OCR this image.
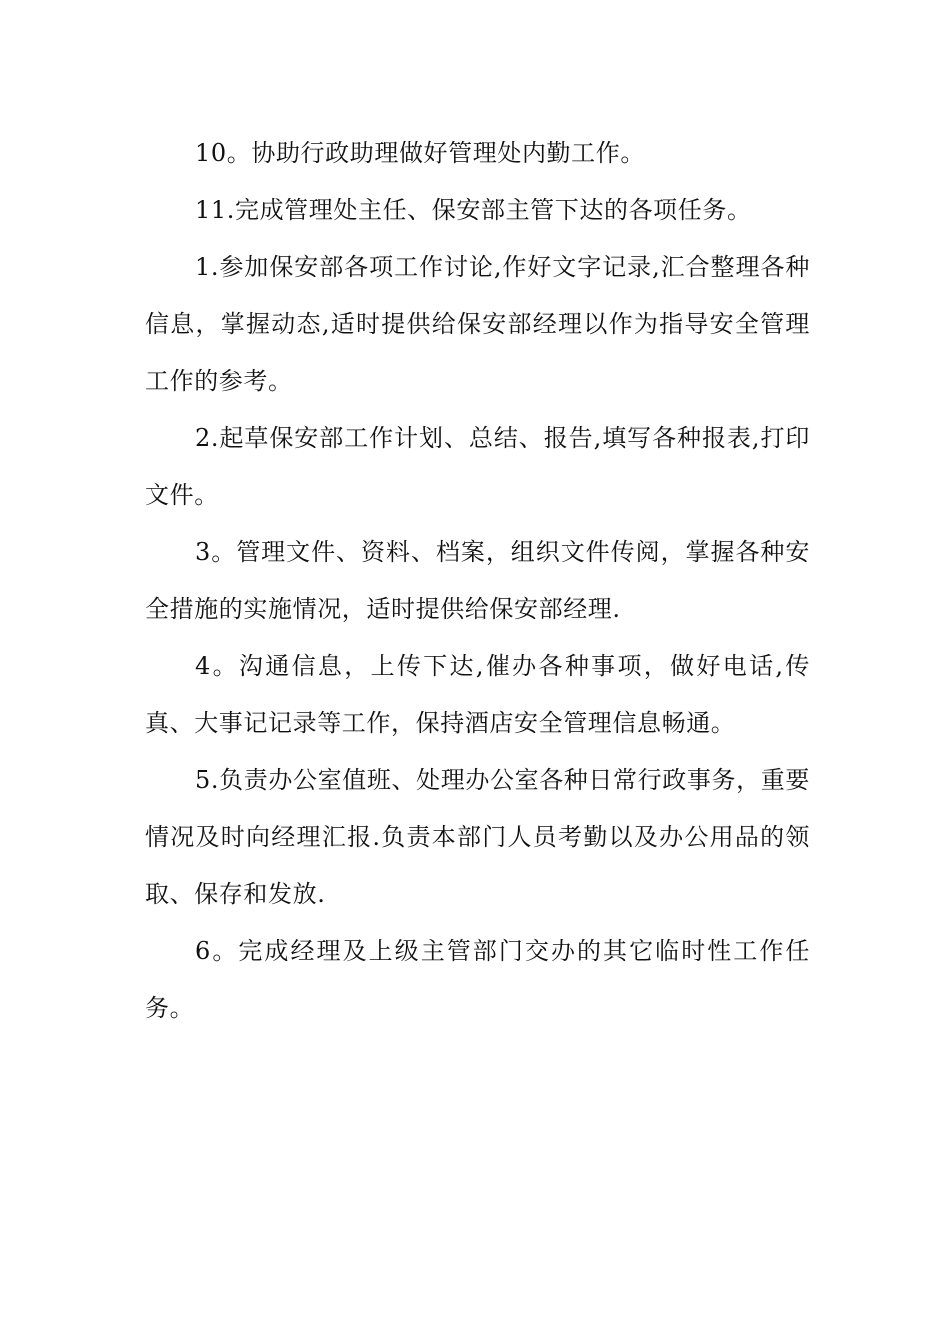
10。协助行政助理做好管理处内勤工作。

11.完成管理处主任、保安部主管下达的各项任务。

1.参加保安部各项工作讨论,作好文字记录,汇合整理各种信息，掌握动态,适时提供给保安部经理以作为指导安全管理工作的参考。

2.起草保安部工作计划、总结、报告,填写各种报表,打印文件。

3。管理文件、资料、档案，组织文件传阅，掌握各种安全措施的实施情况，适时提供给保安部经理.

4。沟通信息，上传下达,催办各种事项，做好电话,传真、大事记记录等工作，保持酒店安全管理信息畅通。

5.负责办公室值班、处理办公室各种日常行政事务，重要情况及时向经理汇报.负责本部门人员考勤以及办公用品的领取、保存和发放.

6。完成经理及上级主管部门交办的其它临时性工作任务。
